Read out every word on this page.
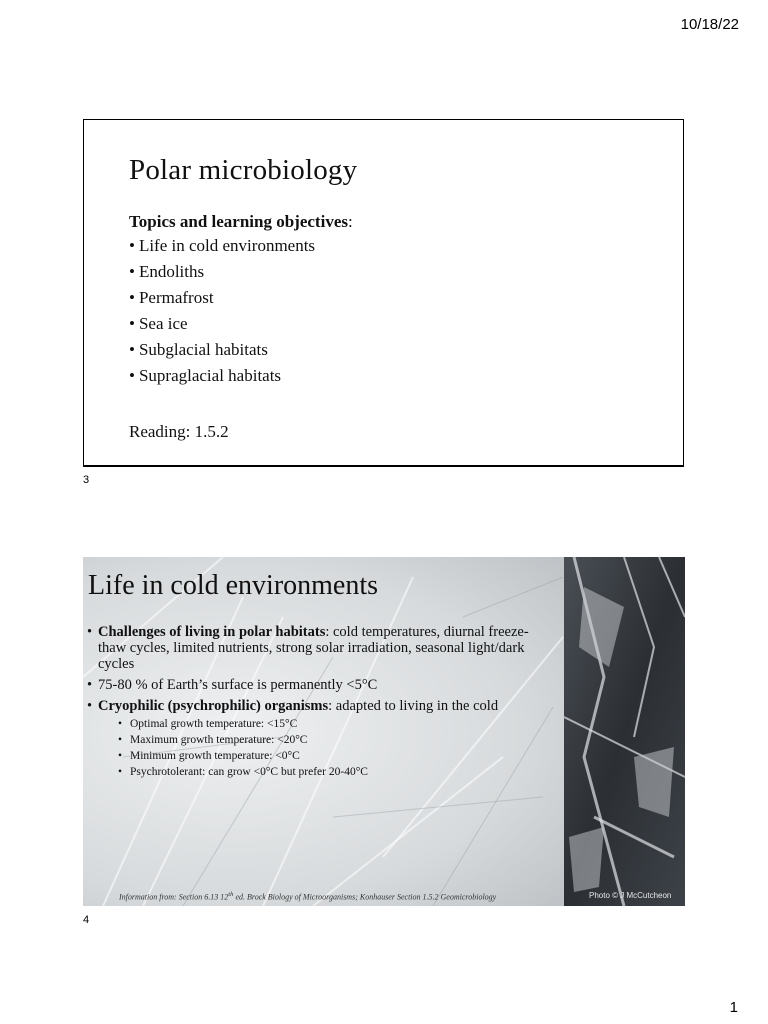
10/18/22
Polar microbiology
Topics and learning objectives:
• Life in cold environments
• Endoliths
• Permafrost
• Sea ice
• Subglacial habitats
• Supraglacial habitats
Reading: 1.5.2
3
Life in cold environments
• Challenges of living in polar habitats: cold temperatures, diurnal freeze-thaw cycles, limited nutrients, strong solar irradiation, seasonal light/dark cycles
• 75-80 % of Earth’s surface is permanently <5°C
• Cryophilic (psychrophilic) organisms: adapted to living in the cold
• Optimal growth temperature: <15°C
• Maximum growth temperature: <20°C
• Minimum growth temperature: <0°C
• Psychrotolerant: can grow <0°C but prefer 20-40°C
Information from: Section 6.13 12th ed. Brock Biology of Microorganisms; Konhauser Section 1.5.2 Geomicrobiology	Photo © J McCutcheon
4
1
